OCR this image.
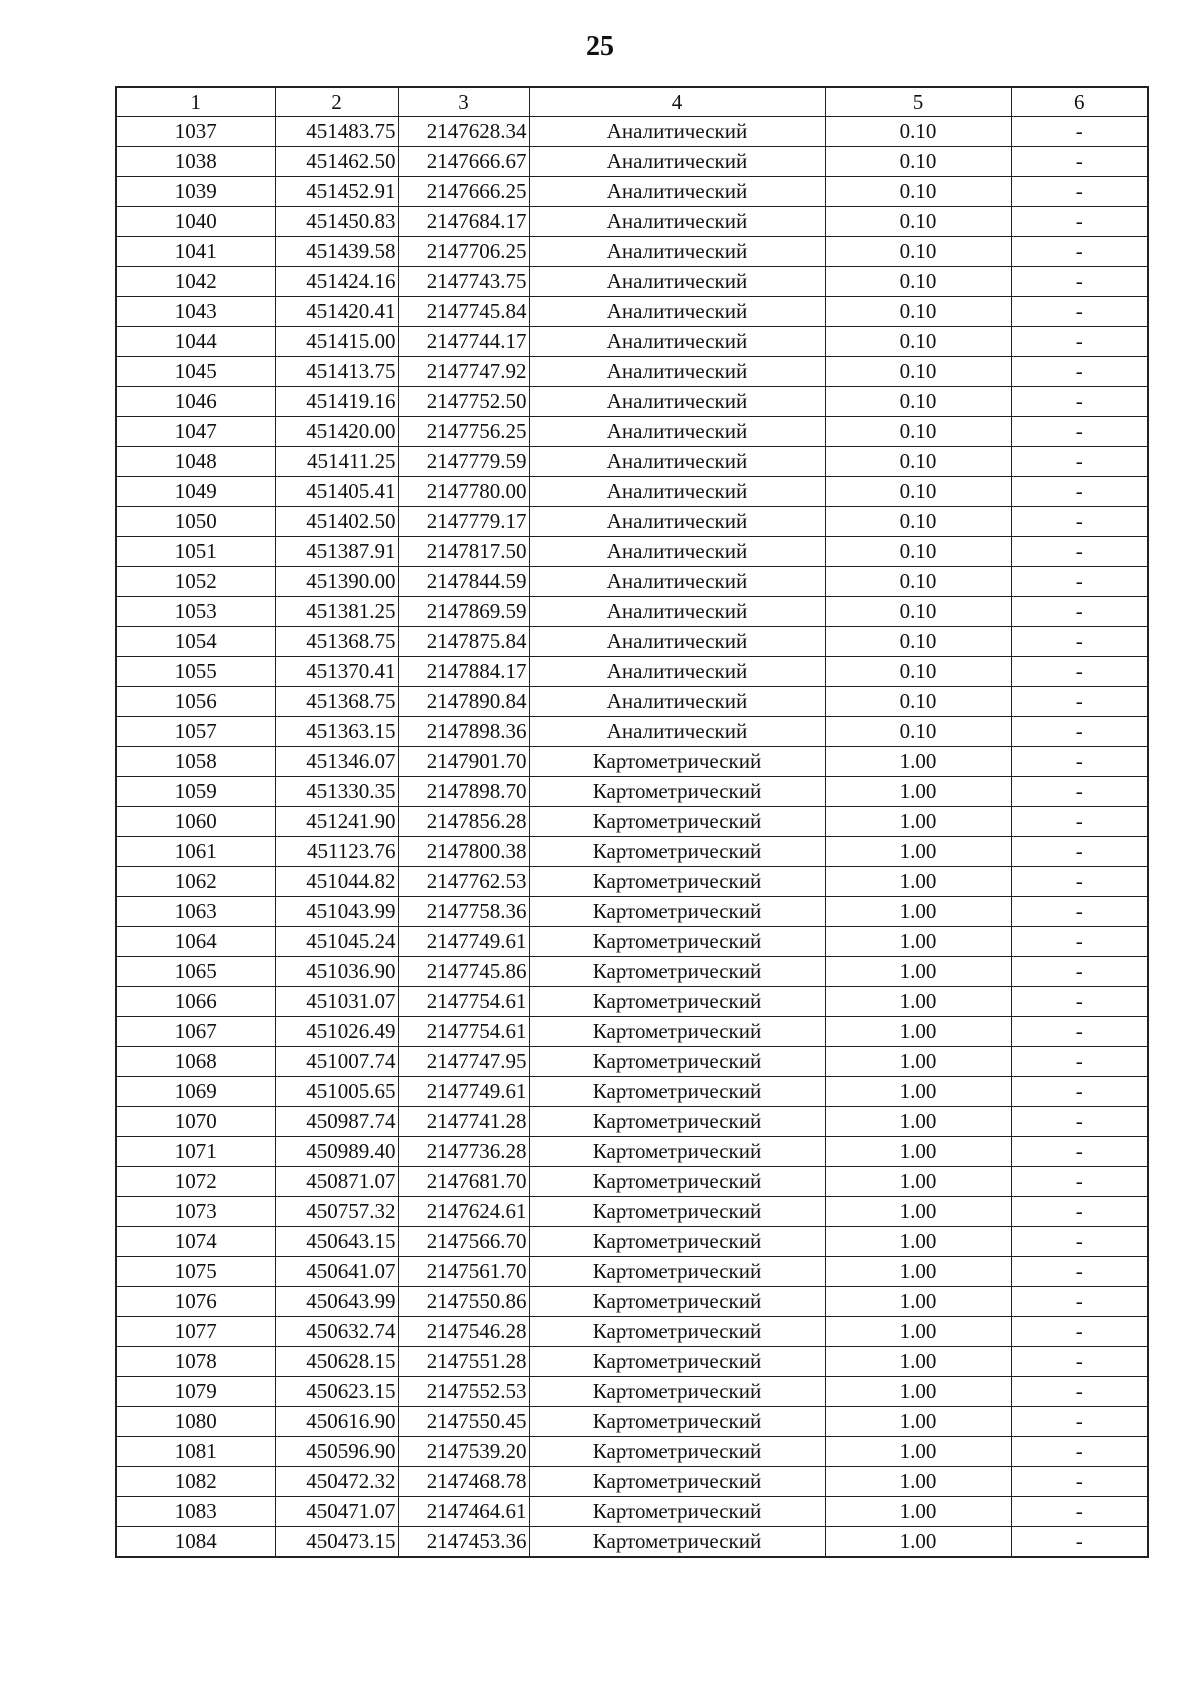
25
1	2	3	4	5	6
1037	451483.75	2147628.34	Аналитический	0.10	-
1038	451462.50	2147666.67	Аналитический	0.10	-
1039	451452.91	2147666.25	Аналитический	0.10	-
1040	451450.83	2147684.17	Аналитический	0.10	-
1041	451439.58	2147706.25	Аналитический	0.10	-
1042	451424.16	2147743.75	Аналитический	0.10	-
1043	451420.41	2147745.84	Аналитический	0.10	-
1044	451415.00	2147744.17	Аналитический	0.10	-
1045	451413.75	2147747.92	Аналитический	0.10	-
1046	451419.16	2147752.50	Аналитический	0.10	-
1047	451420.00	2147756.25	Аналитический	0.10	-
1048	451411.25	2147779.59	Аналитический	0.10	-
1049	451405.41	2147780.00	Аналитический	0.10	-
1050	451402.50	2147779.17	Аналитический	0.10	-
1051	451387.91	2147817.50	Аналитический	0.10	-
1052	451390.00	2147844.59	Аналитический	0.10	-
1053	451381.25	2147869.59	Аналитический	0.10	-
1054	451368.75	2147875.84	Аналитический	0.10	-
1055	451370.41	2147884.17	Аналитический	0.10	-
1056	451368.75	2147890.84	Аналитический	0.10	-
1057	451363.15	2147898.36	Аналитический	0.10	-
1058	451346.07	2147901.70	Картометрический	1.00	-
1059	451330.35	2147898.70	Картометрический	1.00	-
1060	451241.90	2147856.28	Картометрический	1.00	-
1061	451123.76	2147800.38	Картометрический	1.00	-
1062	451044.82	2147762.53	Картометрический	1.00	-
1063	451043.99	2147758.36	Картометрический	1.00	-
1064	451045.24	2147749.61	Картометрический	1.00	-
1065	451036.90	2147745.86	Картометрический	1.00	-
1066	451031.07	2147754.61	Картометрический	1.00	-
1067	451026.49	2147754.61	Картометрический	1.00	-
1068	451007.74	2147747.95	Картометрический	1.00	-
1069	451005.65	2147749.61	Картометрический	1.00	-
1070	450987.74	2147741.28	Картометрический	1.00	-
1071	450989.40	2147736.28	Картометрический	1.00	-
1072	450871.07	2147681.70	Картометрический	1.00	-
1073	450757.32	2147624.61	Картометрический	1.00	-
1074	450643.15	2147566.70	Картометрический	1.00	-
1075	450641.07	2147561.70	Картометрический	1.00	-
1076	450643.99	2147550.86	Картометрический	1.00	-
1077	450632.74	2147546.28	Картометрический	1.00	-
1078	450628.15	2147551.28	Картометрический	1.00	-
1079	450623.15	2147552.53	Картометрический	1.00	-
1080	450616.90	2147550.45	Картометрический	1.00	-
1081	450596.90	2147539.20	Картометрический	1.00	-
1082	450472.32	2147468.78	Картометрический	1.00	-
1083	450471.07	2147464.61	Картометрический	1.00	-
1084	450473.15	2147453.36	Картометрический	1.00	-
